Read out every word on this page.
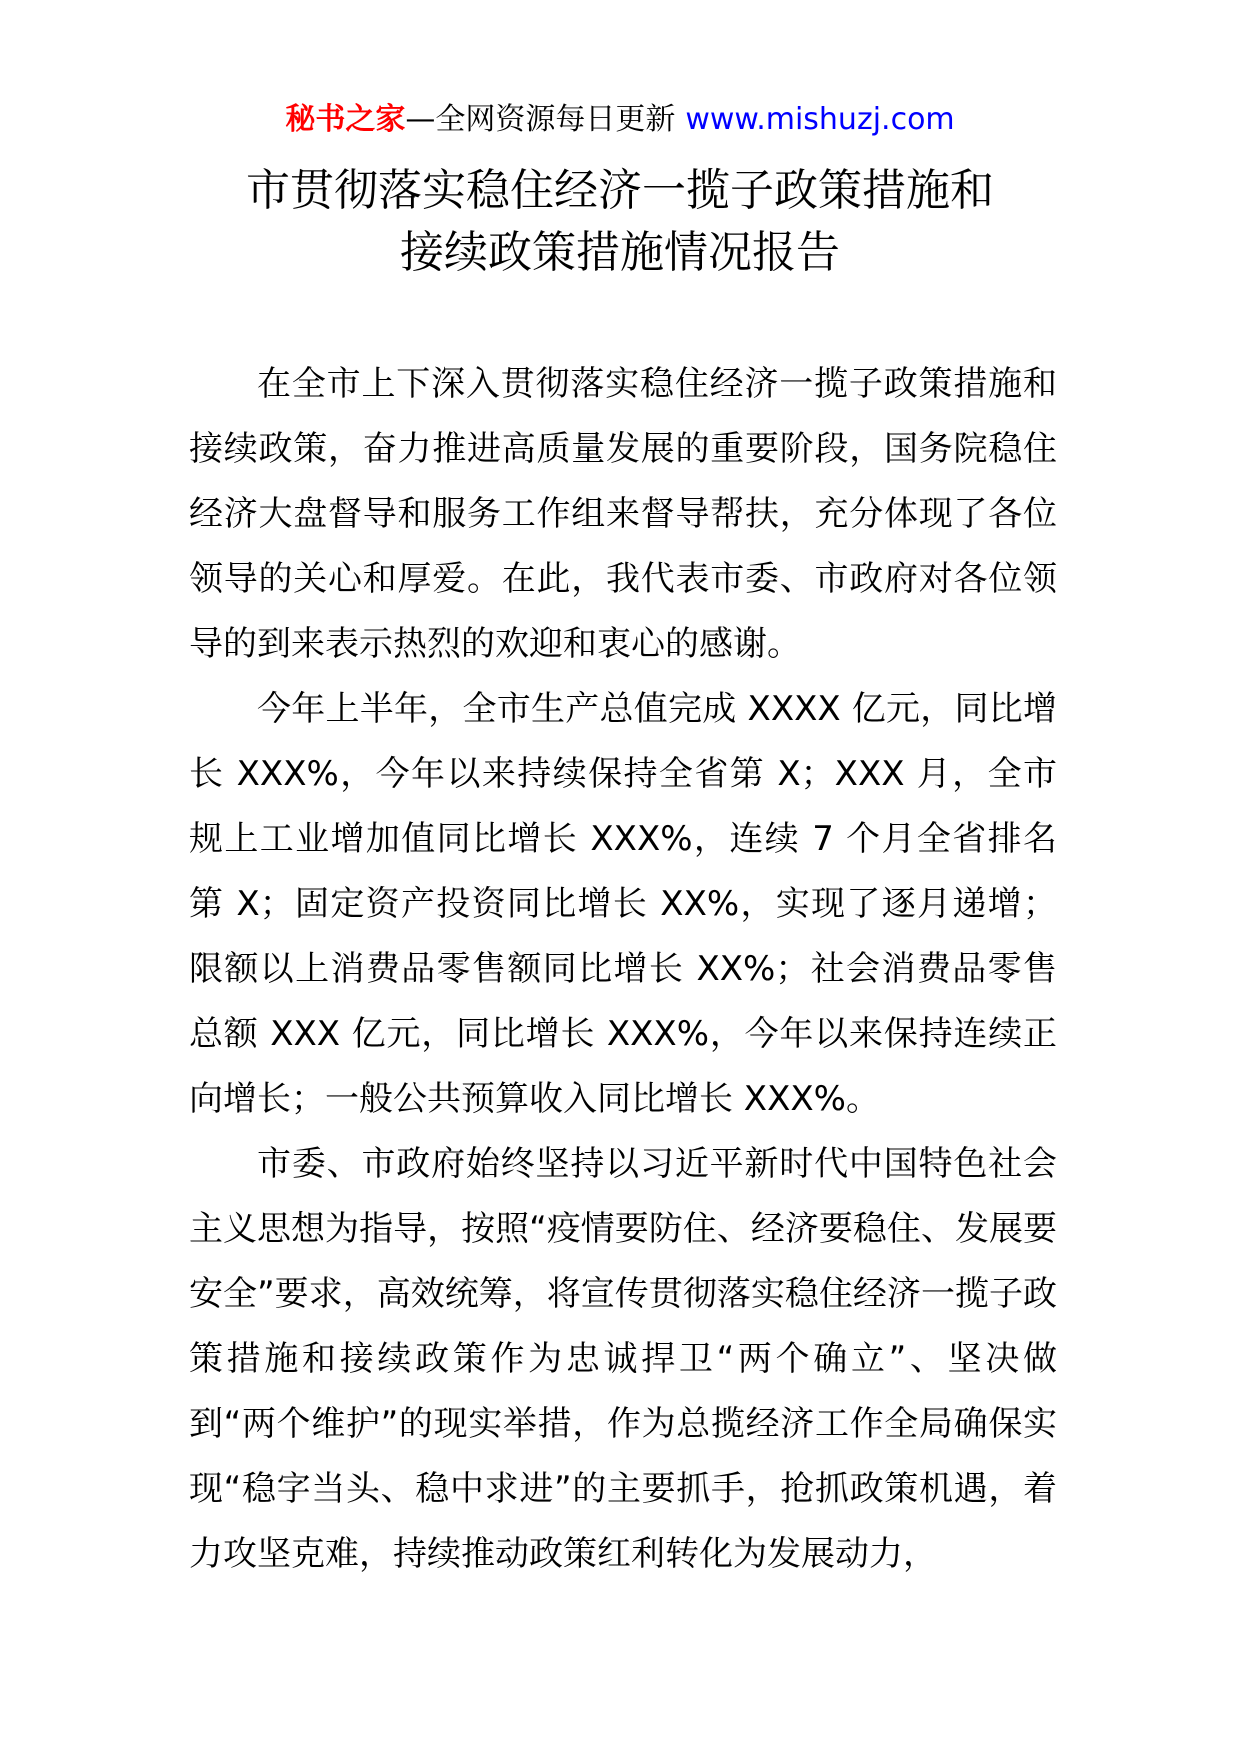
秘书之家—全网资源每日更新 www.mishuzj.com
市贯彻落实稳住经济一揽子政策措施和
接续政策措施情况报告

在全市上下深入贯彻落实稳住经济一揽子政策措施和接续政策，奋力推进高质量发展的重要阶段，国务院稳住经济大盘督导和服务工作组来督导帮扶，充分体现了各位领导的关心和厚爱。在此，我代表市委、市政府对各位领导的到来表示热烈的欢迎和衷心的感谢。

今年上半年，全市生产总值完成 XXXX 亿元，同比增长 XXX%，今年以来持续保持全省第 X；XXX 月，全市规上工业增加值同比增长 XXX%，连续 7 个月全省排名第 X；固定资产投资同比增长 XX%，实现了逐月递增；限额以上消费品零售额同比增长 XX%；社会消费品零售总额 XXX 亿元，同比增长 XXX%，今年以来保持连续正向增长；一般公共预算收入同比增长 XXX%。

市委、市政府始终坚持以习近平新时代中国特色社会主义思想为指导，按照“疫情要防住、经济要稳住、发展要安全”要求，高效统筹，将宣传贯彻落实稳住经济一揽子政策措施和接续政策作为忠诚捍卫“两个确立”、坚决做到“两个维护”的现实举措，作为总揽经济工作全局确保实现“稳字当头、稳中求进”的主要抓手，抢抓政策机遇，着力攻坚克难，持续推动政策红利转化为发展动力，
